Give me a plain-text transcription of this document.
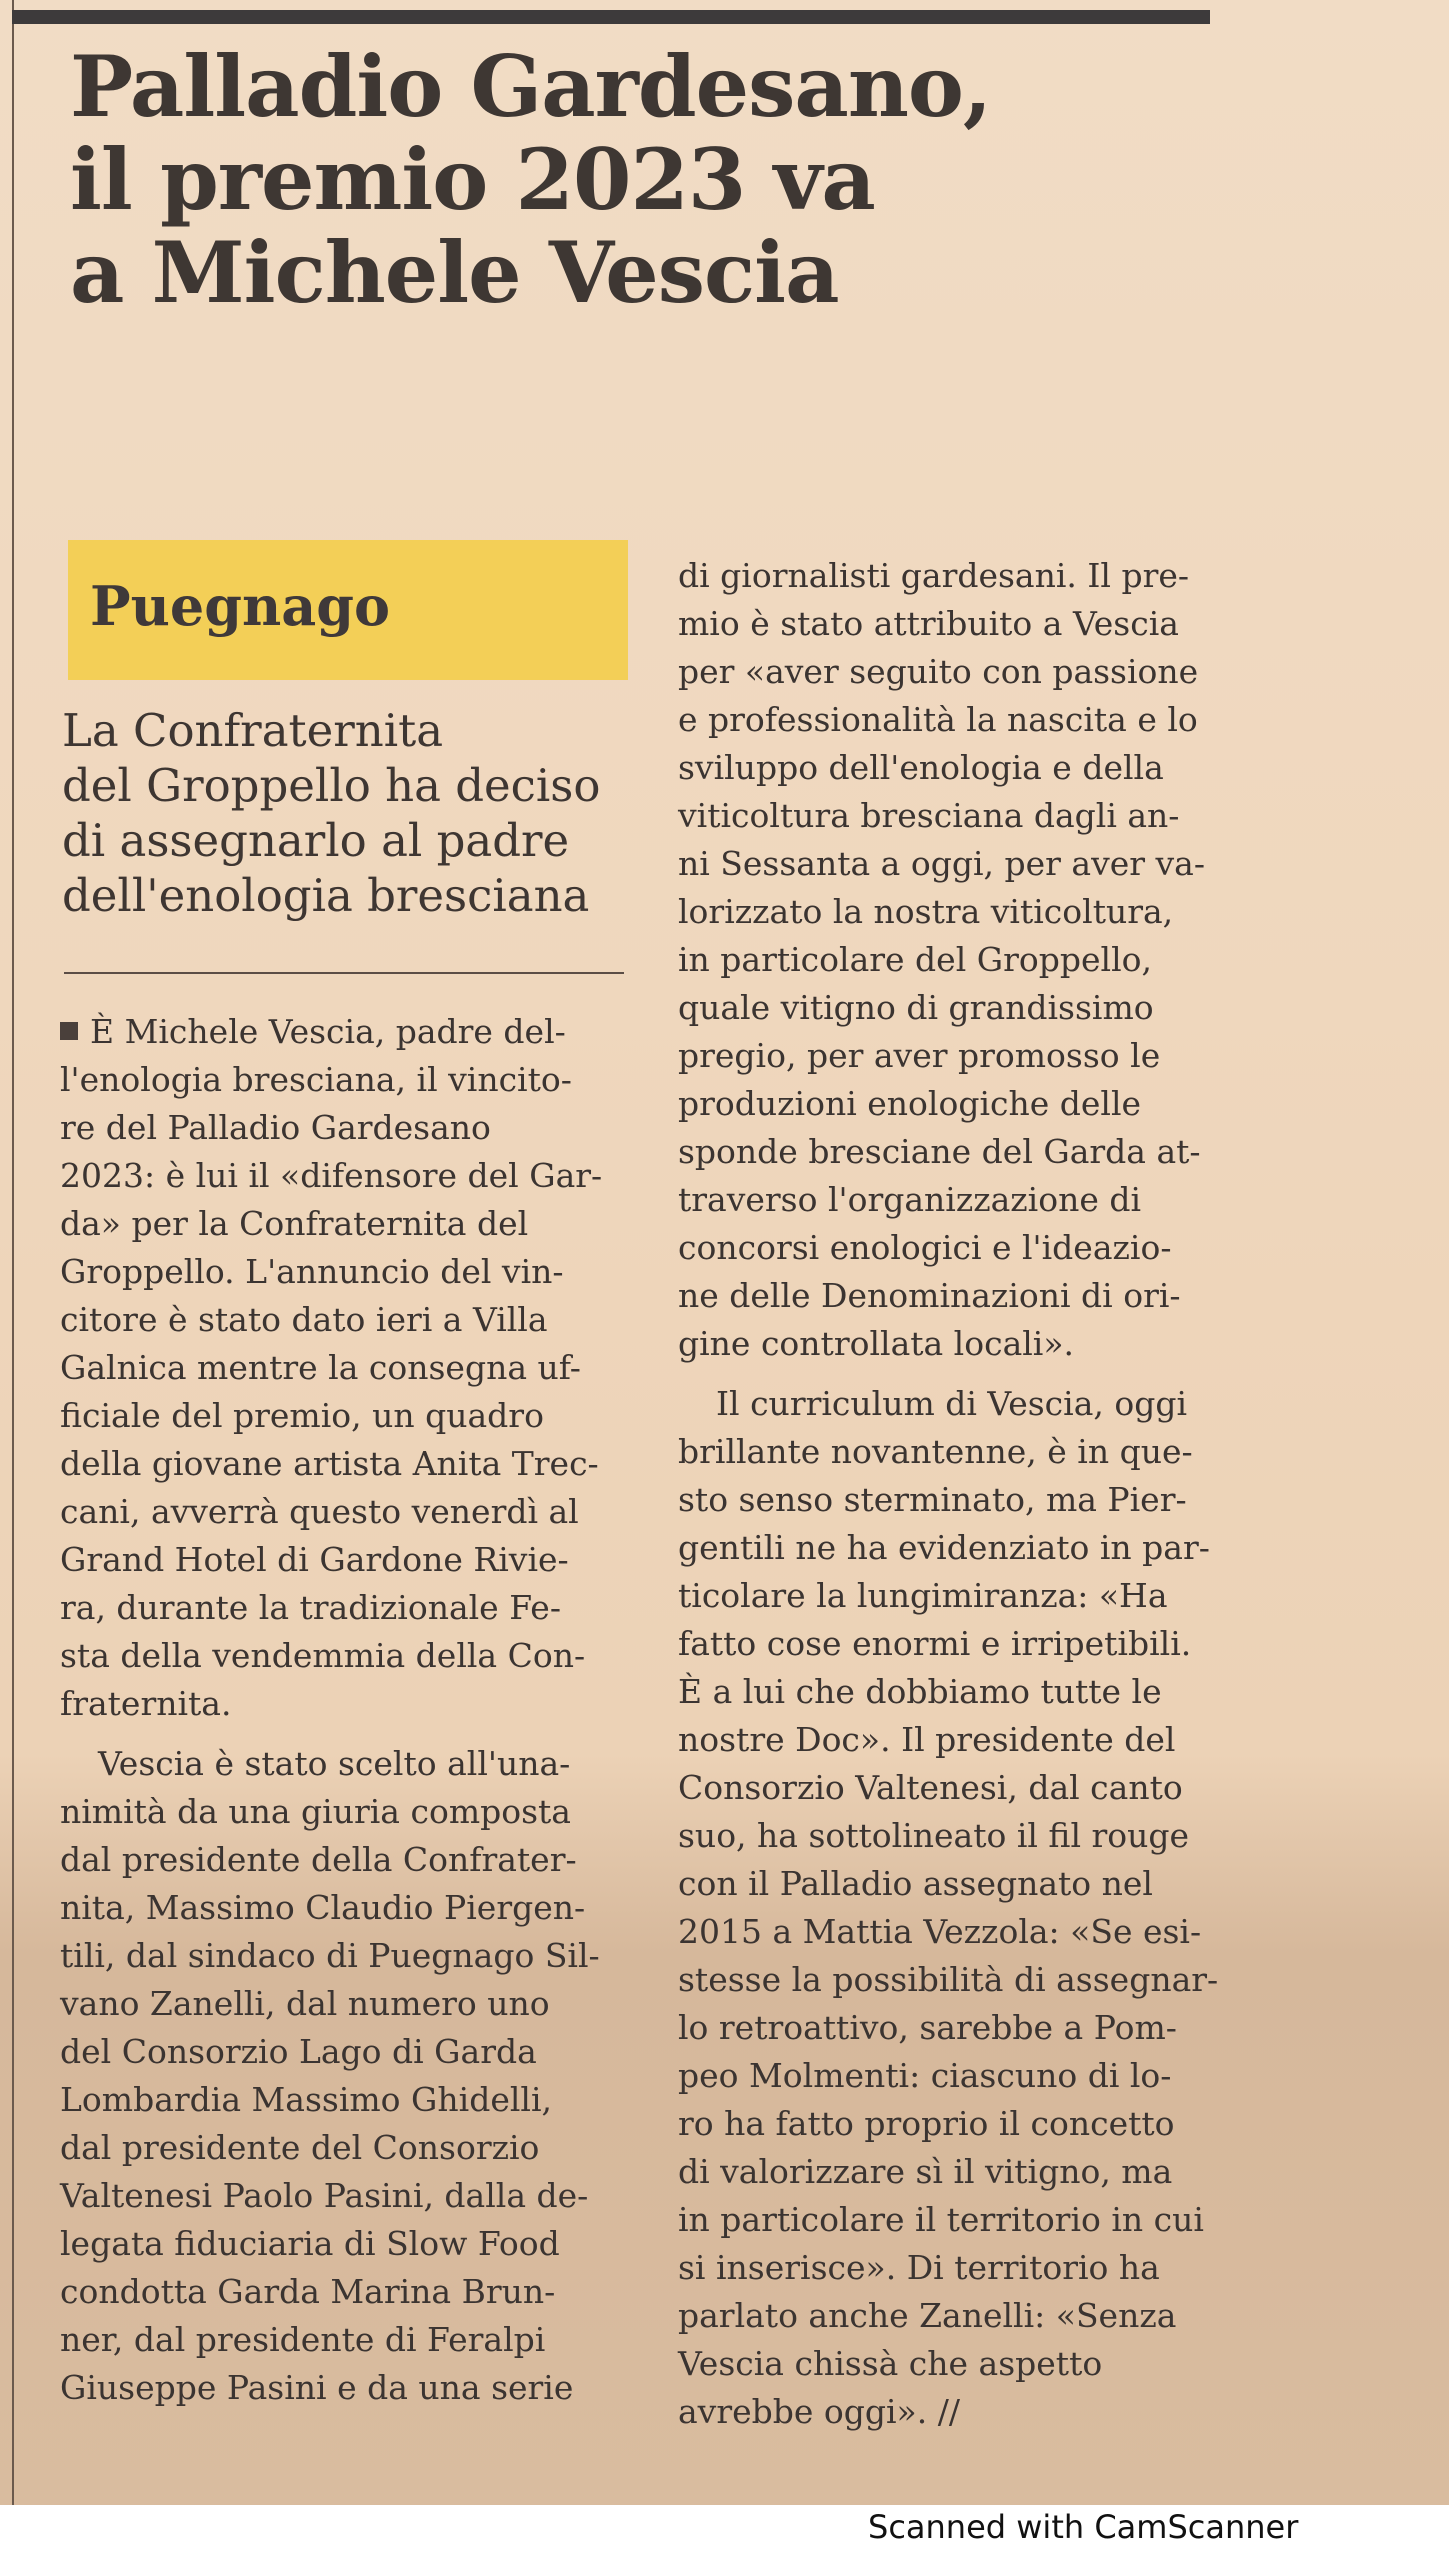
Palladio Gardesano,
il premio 2023 va
a Michele Vescia
Puegnago
La Confraternita
del Groppello ha deciso
di assegnarlo al padre
dell'enologia bresciana
È Michele Vescia, padre del-
l'enologia bresciana, il vincito-
re del Palladio Gardesano
2023: è lui il «difensore del Gar-
da» per la Confraternita del
Groppello. L'annuncio del vin-
citore è stato dato ieri a Villa
Galnica mentre la consegna uf-
ficiale del premio, un quadro
della giovane artista Anita Trec-
cani, avverrà questo venerdì al
Grand Hotel di Gardone Rivie-
ra, durante la tradizionale Fe-
sta della vendemmia della Con-
fraternita.
Vescia è stato scelto all'una-
nimità da una giuria composta
dal presidente della Confrater-
nita, Massimo Claudio Piergen-
tili, dal sindaco di Puegnago Sil-
vano Zanelli, dal numero uno
del Consorzio Lago di Garda
Lombardia Massimo Ghidelli,
dal presidente del Consorzio
Valtenesi Paolo Pasini, dalla de-
legata fiduciaria di Slow Food
condotta Garda Marina Brun-
ner, dal presidente di Feralpi
Giuseppe Pasini e da una serie
di giornalisti gardesani. Il pre-
mio è stato attribuito a Vescia
per «aver seguito con passione
e professionalità la nascita e lo
sviluppo dell'enologia e della
viticoltura bresciana dagli an-
ni Sessanta a oggi, per aver va-
lorizzato la nostra viticoltura,
in particolare del Groppello,
quale vitigno di grandissimo
pregio, per aver promosso le
produzioni enologiche delle
sponde bresciane del Garda at-
traverso l'organizzazione di
concorsi enologici e l'ideazio-
ne delle Denominazioni di ori-
gine controllata locali».
Il curriculum di Vescia, oggi
brillante novantenne, è in que-
sto senso sterminato, ma Pier-
gentili ne ha evidenziato in par-
ticolare la lungimiranza: «Ha
fatto cose enormi e irripetibili.
È a lui che dobbiamo tutte le
nostre Doc». Il presidente del
Consorzio Valtenesi, dal canto
suo, ha sottolineato il fil rouge
con il Palladio assegnato nel
2015 a Mattia Vezzola: «Se esi-
stesse la possibilità di assegnar-
lo retroattivo, sarebbe a Pom-
peo Molmenti: ciascuno di lo-
ro ha fatto proprio il concetto
di valorizzare sì il vitigno, ma
in particolare il territorio in cui
si inserisce». Di territorio ha
parlato anche Zanelli: «Senza
Vescia chissà che aspetto
avrebbe oggi». //
Scanned with CamScanner
